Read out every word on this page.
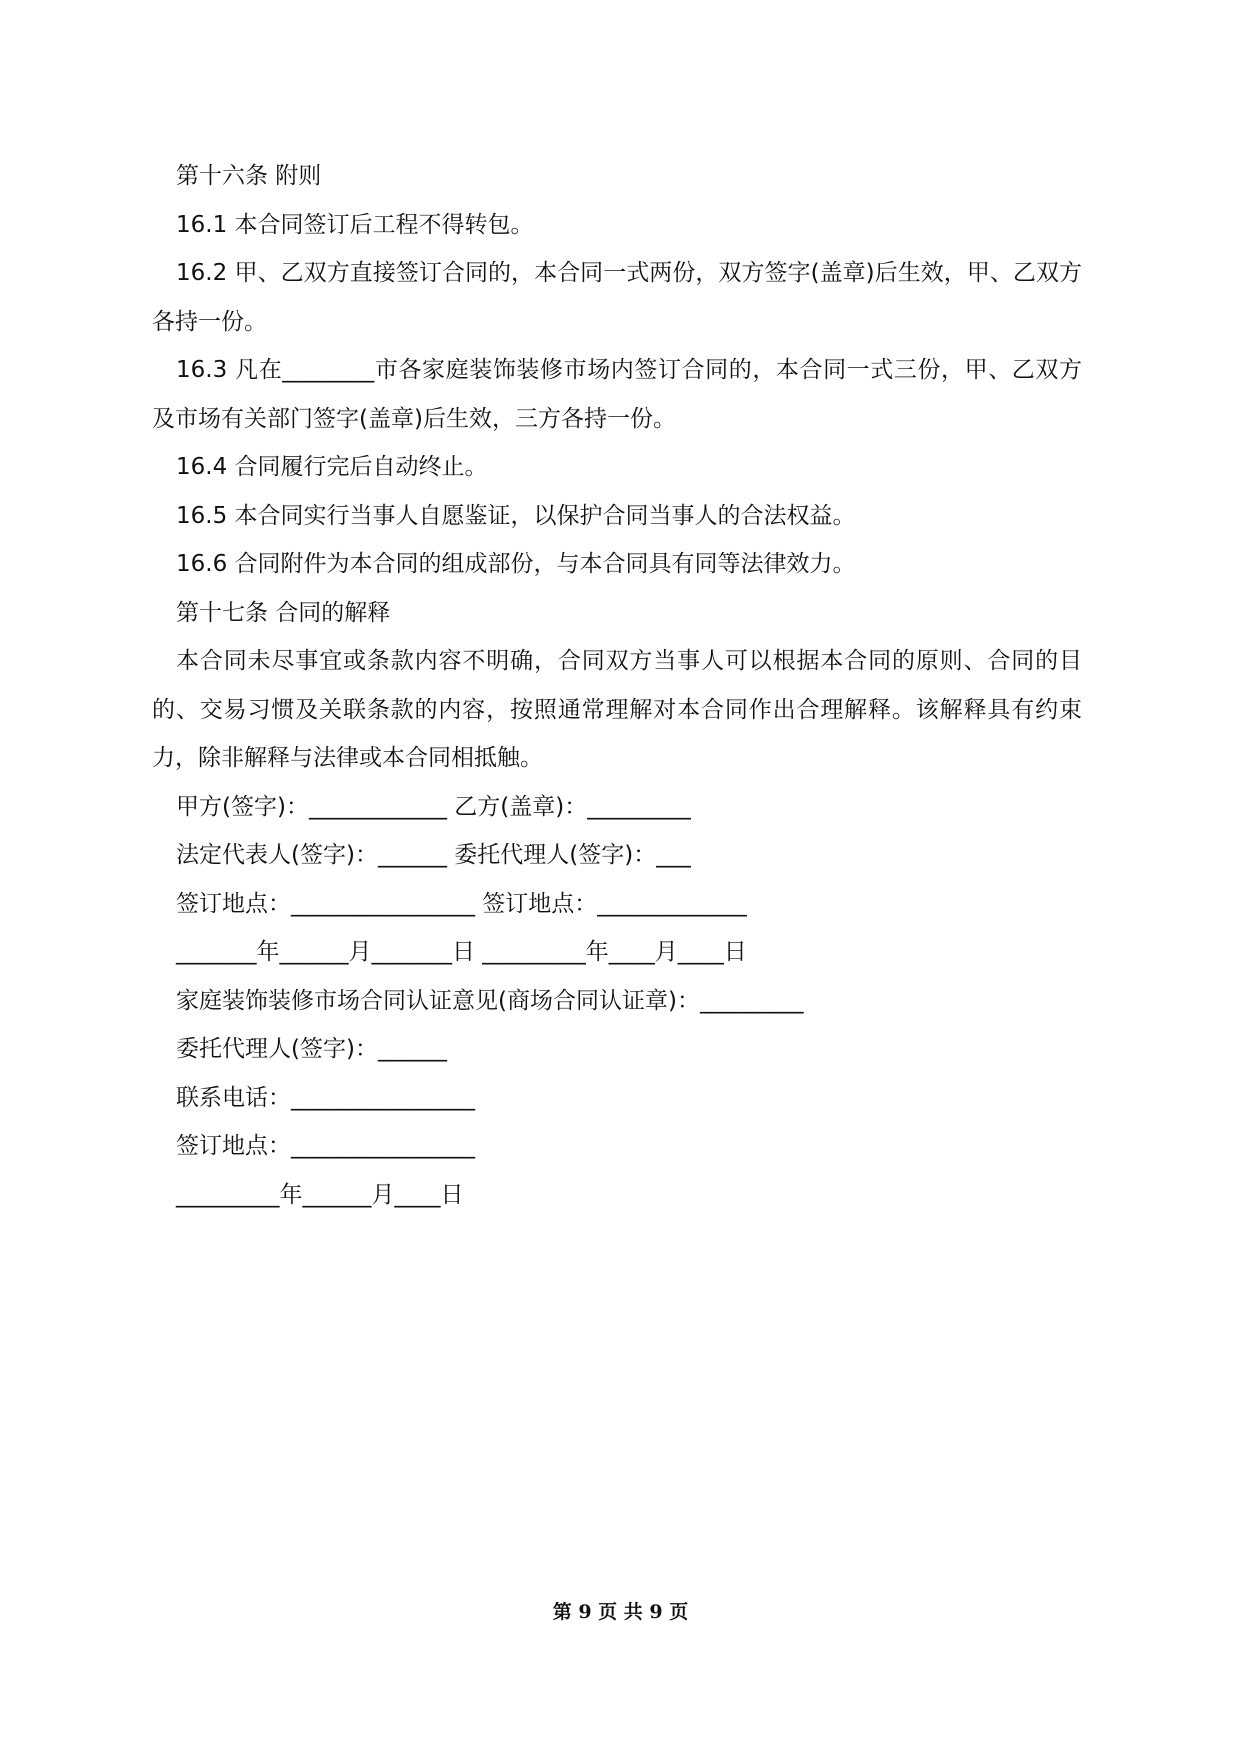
第十六条 附则

16.1 本合同签订后工程不得转包。

16.2 甲、乙双方直接签订合同的，本合同一式两份，双方签字(盖章)后生效，甲、乙双方各持一份。

16.3 凡在________市各家庭装饰装修市场内签订合同的，本合同一式三份，甲、乙双方及市场有关部门签字(盖章)后生效，三方各持一份。

16.4 合同履行完后自动终止。

16.5 本合同实行当事人自愿鉴证，以保护合同当事人的合法权益。

16.6 合同附件为本合同的组成部份，与本合同具有同等法律效力。

第十七条 合同的解释

本合同未尽事宜或条款内容不明确，合同双方当事人可以根据本合同的原则、合同的目的、交易习惯及关联条款的内容，按照通常理解对本合同作出合理解释。该解释具有约束力，除非解释与法律或本合同相抵触。

甲方(签字)：____________ 乙方(盖章)：_________

法定代表人(签字)：______ 委托代理人(签字)：___

签订地点：________________ 签订地点：_____________

_______年______月_______日 _________年____月____日

家庭装饰装修市场合同认证意见(商场合同认证章)：_________

委托代理人(签字)：______

联系电话：________________

签订地点：________________

_________年______月____日

第 9 页 共 9 页
